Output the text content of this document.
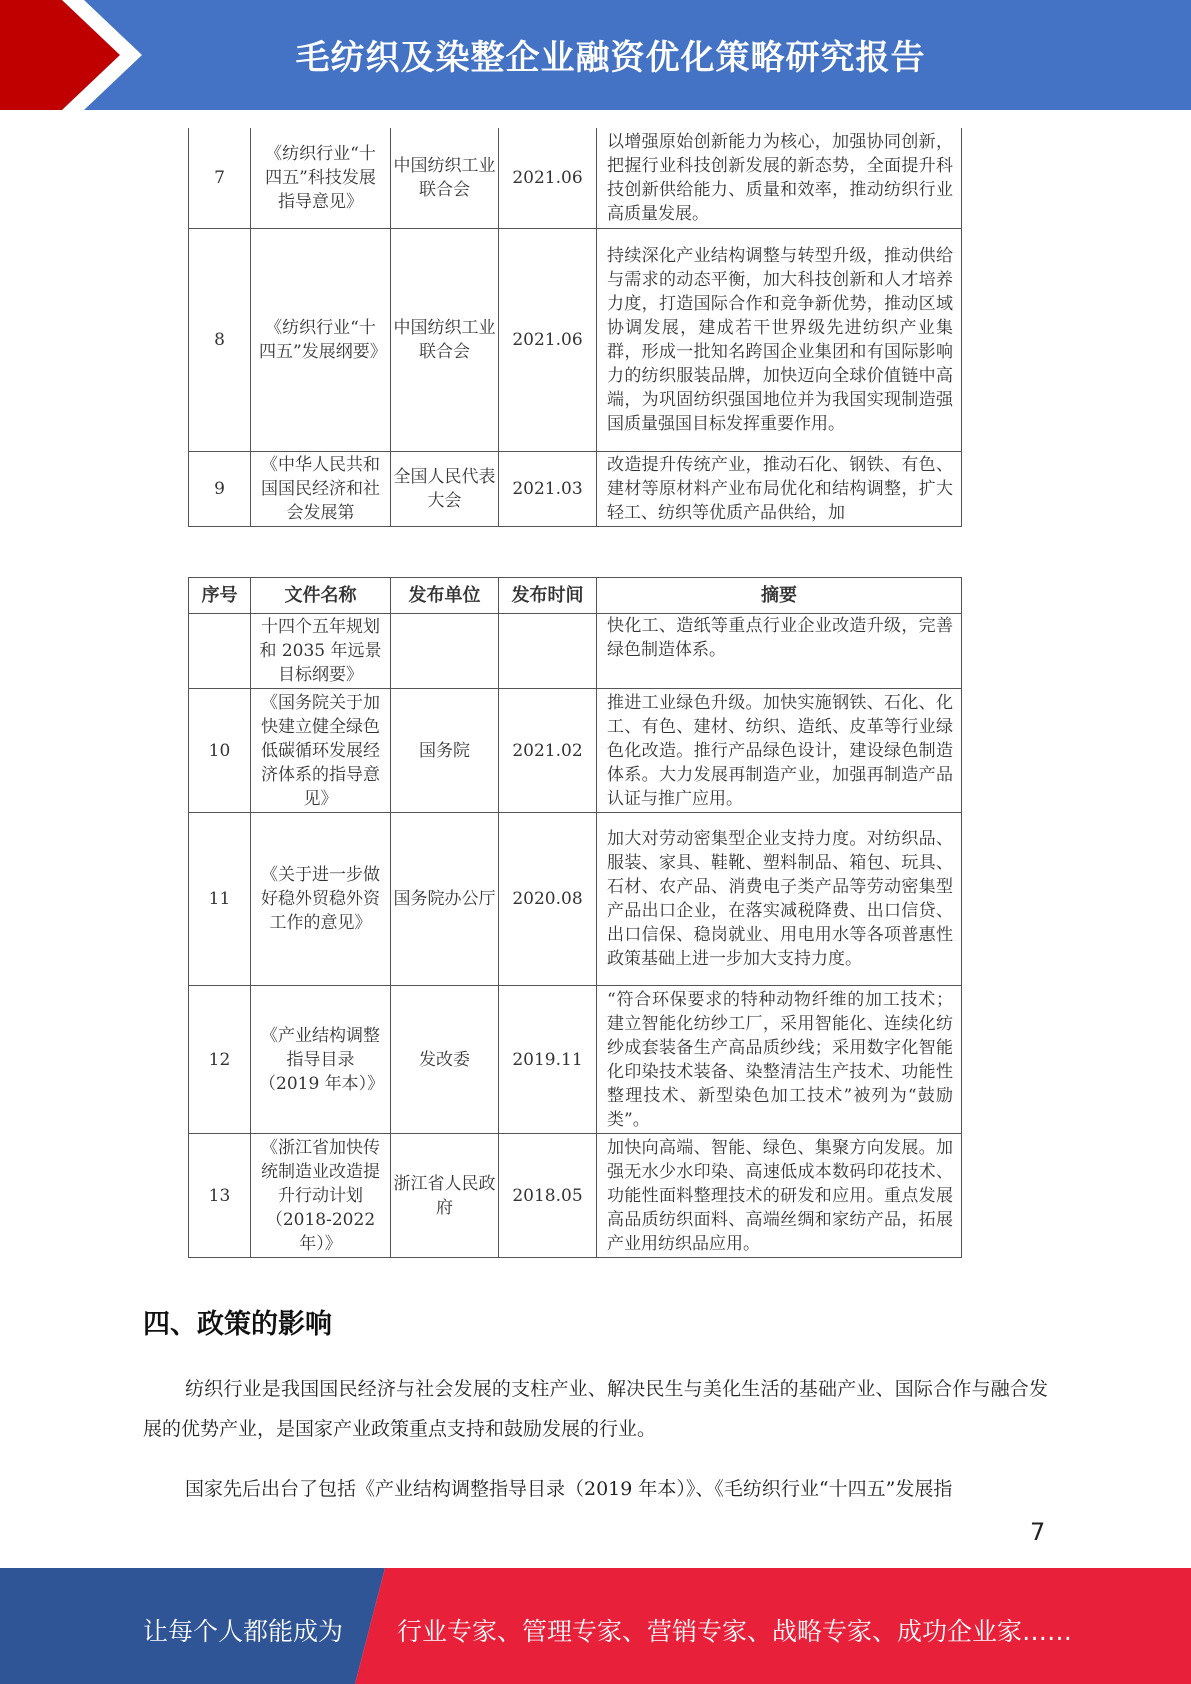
毛纺织及染整企业融资优化策略研究报告
7	《纺织行业“十四五”科技发展指导意见》	中国纺织工业联合会	2021.06	以增强原始创新能力为核心，加强协同创新，把握行业科技创新发展的新态势，全面提升科技创新供给能力、质量和效率，推动纺织行业高质量发展。
8	《纺织行业“十四五”发展纲要》	中国纺织工业联合会	2021.06	持续深化产业结构调整与转型升级，推动供给与需求的动态平衡，加大科技创新和人才培养力度，打造国际合作和竞争新优势，推动区域协调发展，建成若干世界级先进纺织产业集群，形成一批知名跨国企业集团和有国际影响力的纺织服装品牌，加快迈向全球价值链中高端，为巩固纺织强国地位并为我国实现制造强国质量强国目标发挥重要作用。
9	《中华人民共和国国民经济和社会发展第	全国人民代表大会	2021.03	改造提升传统产业，推动石化、钢铁、有色、建材等原材料产业布局优化和结构调整，扩大轻工、纺织等优质产品供给，加
序号	文件名称	发布单位	发布时间	摘要
	十四个五年规划和 2035 年远景目标纲要》			快化工、造纸等重点行业企业改造升级，完善绿色制造体系。
10	《国务院关于加快建立健全绿色低碳循环发展经济体系的指导意见》	国务院	2021.02	推进工业绿色升级。加快实施钢铁、石化、化工、有色、建材、纺织、造纸、皮革等行业绿色化改造。推行产品绿色设计，建设绿色制造体系。大力发展再制造产业，加强再制造产品认证与推广应用。
11	《关于进一步做好稳外贸稳外资工作的意见》	国务院办公厅	2020.08	加大对劳动密集型企业支持力度。对纺织品、服装、家具、鞋靴、塑料制品、箱包、玩具、石材、农产品、消费电子类产品等劳动密集型产品出口企业，在落实减税降费、出口信贷、出口信保、稳岗就业、用电用水等各项普惠性政策基础上进一步加大支持力度。
12	《产业结构调整指导目录（2019 年本）》	发改委	2019.11	“符合环保要求的特种动物纤维的加工技术；建立智能化纺纱工厂，采用智能化、连续化纺纱成套装备生产高品质纱线；采用数字化智能化印染技术装备、染整清洁生产技术、功能性整理技术、新型染色加工技术”被列为“鼓励类”。
13	《浙江省加快传统制造业改造提升行动计划（2018-2022 年）》	浙江省人民政府	2018.05	加快向高端、智能、绿色、集聚方向发展。加强无水少水印染、高速低成本数码印花技术、功能性面料整理技术的研发和应用。重点发展高品质纺织面料、高端丝绸和家纺产品，拓展产业用纺织品应用。
四、政策的影响

纺织行业是我国国民经济与社会发展的支柱产业、解决民生与美化生活的基础产业、国际合作与融合发展的优势产业，是国家产业政策重点支持和鼓励发展的行业。

国家先后出台了包括《产业结构调整指导目录（2019 年本）》、《毛纺织行业“十四五”发展指

7
让每个人都能成为 行业专家、管理专家、营销专家、战略专家、成功企业家……
